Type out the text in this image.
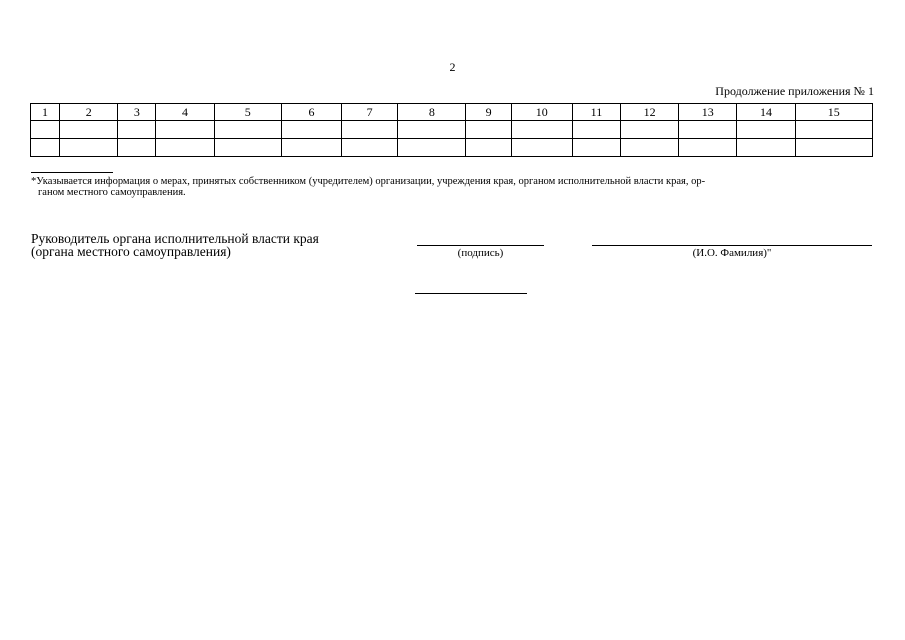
2
Продолжение приложения № 1
1	2	3	4	5	6	7	8	9	10	11	12	13	14	15

*Указывается информация о мерах, принятых собственником (учредителем) организации, учреждения края, органом исполнительной власти края, ор-
ганом местного самоуправления.
Руководитель органа исполнительной власти края
(органа местного самоуправления)	(подпись)	(И.О. Фамилия)"
